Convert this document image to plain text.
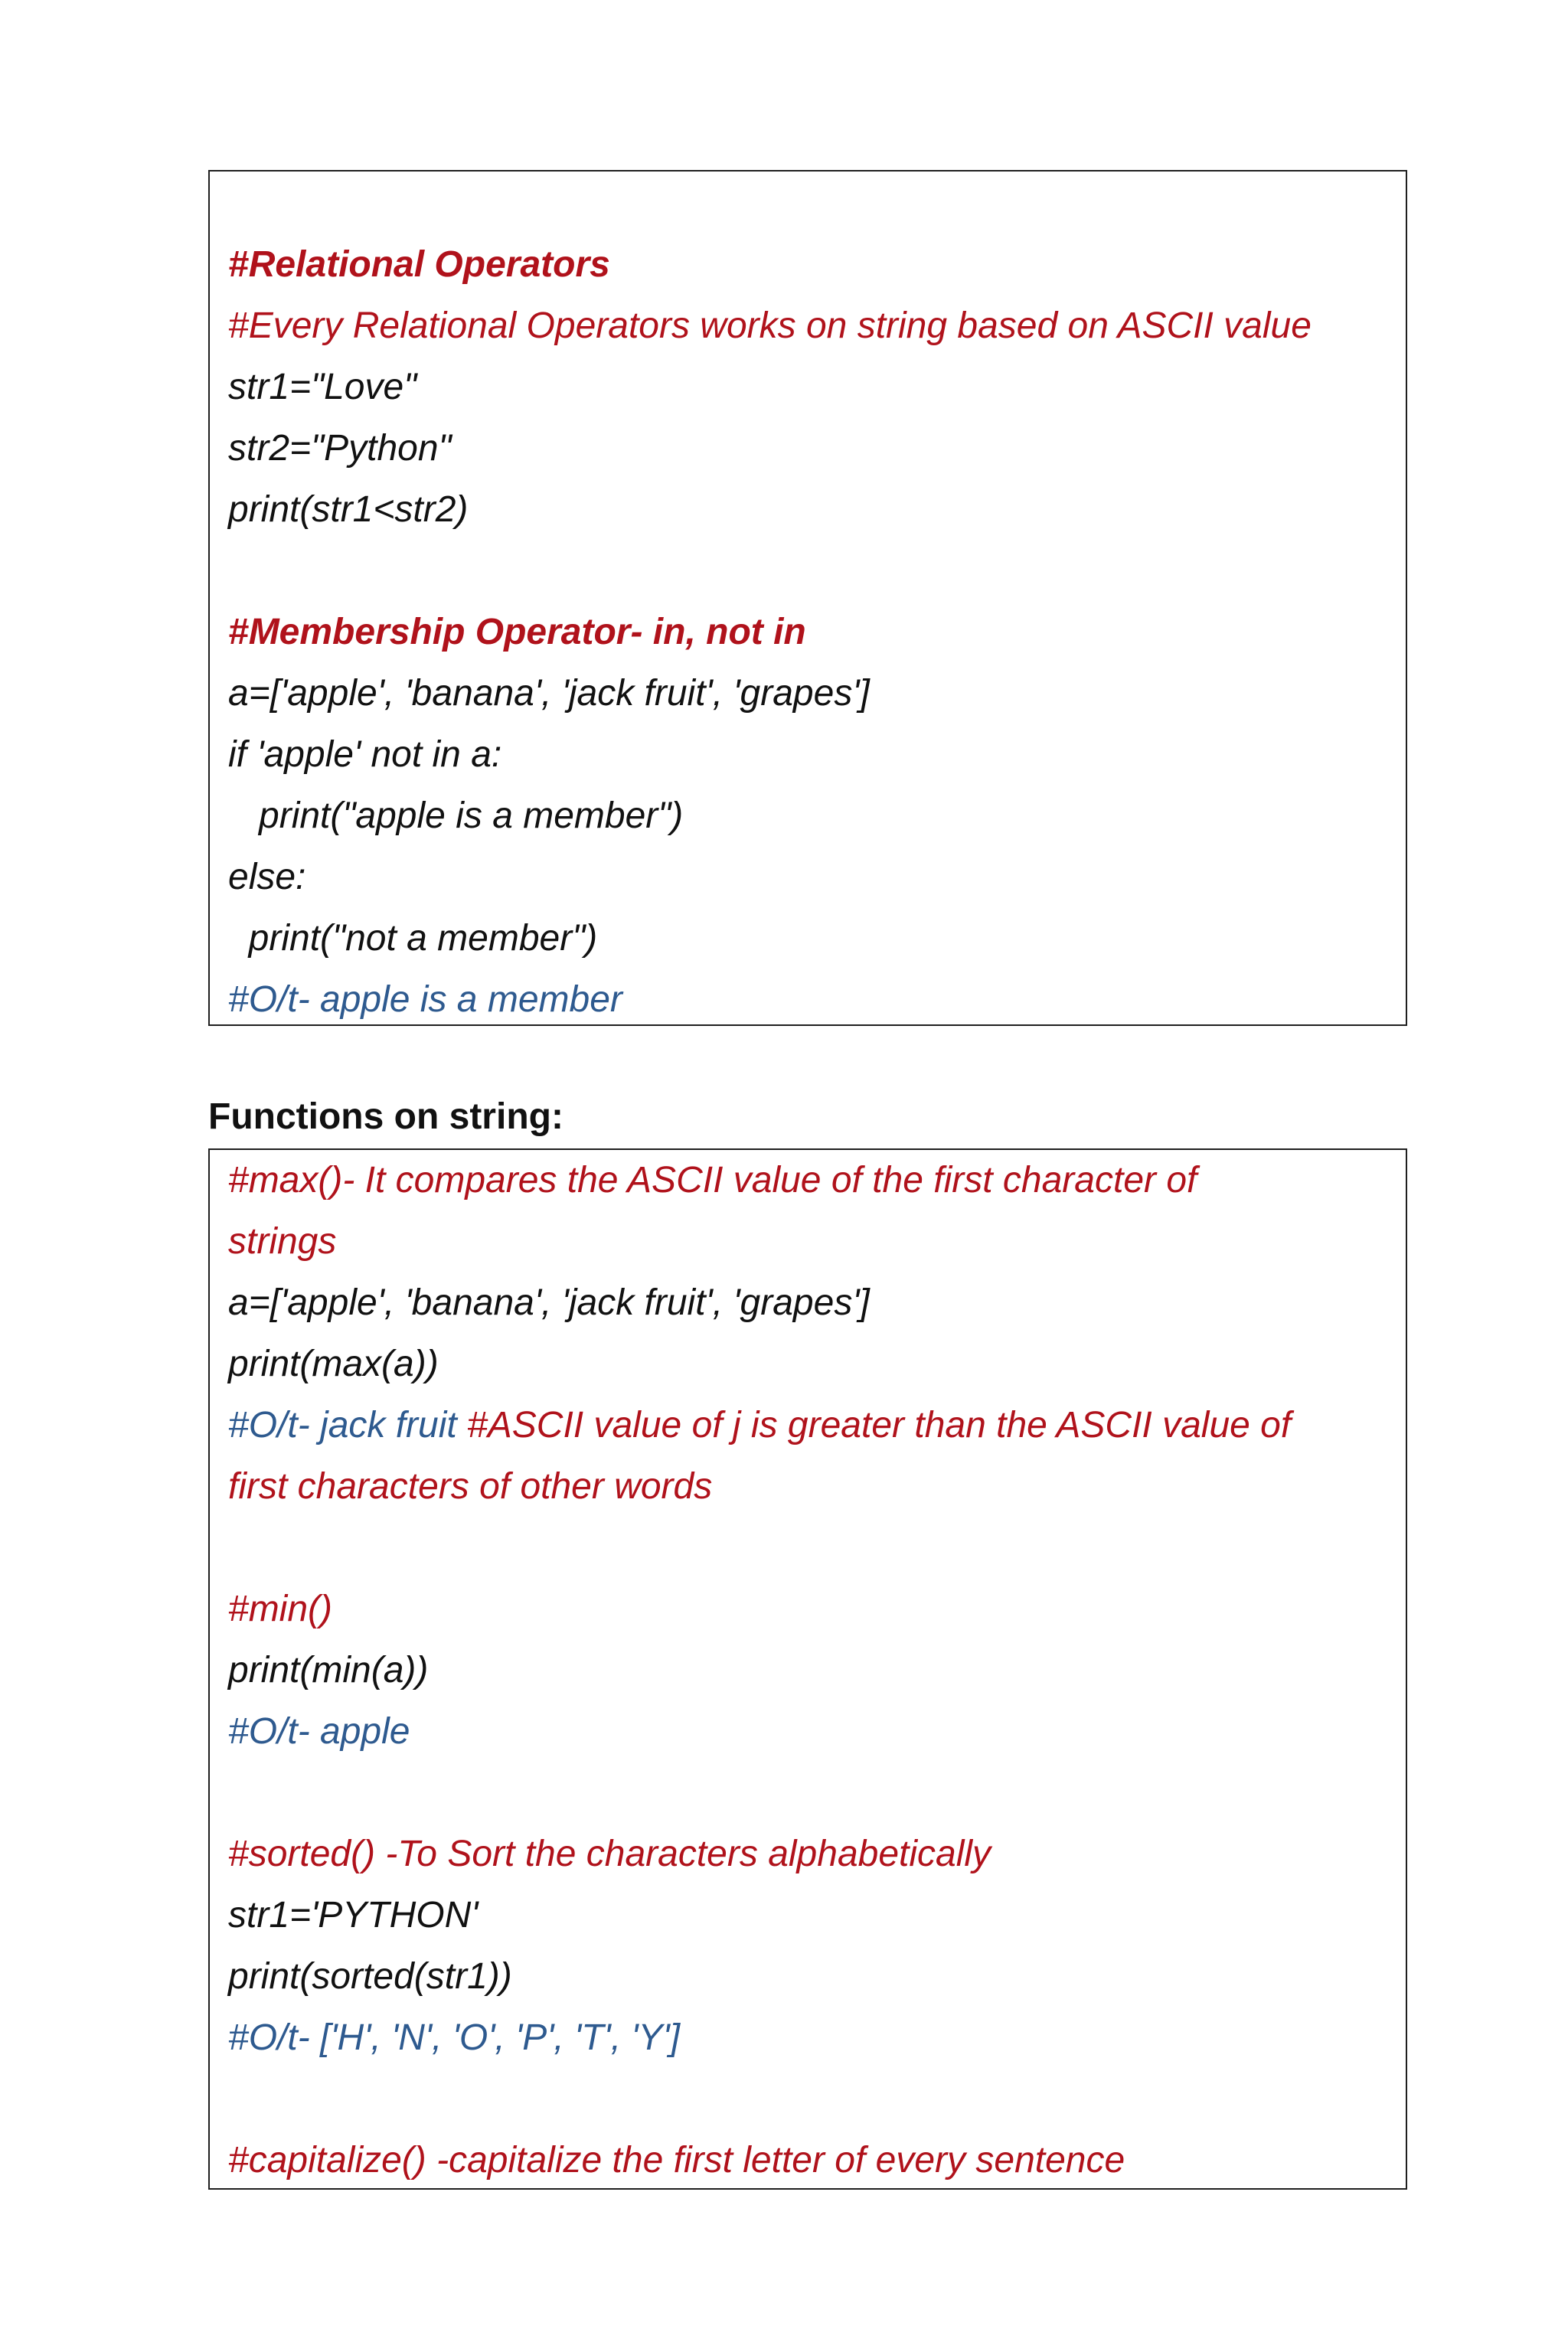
#Relational Operators
#Every Relational Operators works on string based on ASCII value
str1="Love"
str2="Python"
print(str1<str2)
#Membership Operator- in, not in
a=['apple', 'banana', 'jack fruit', 'grapes']
if 'apple' not in a:
print("apple is a member")
else:
print("not a member")
#O/t- apple is a member
Functions on string:
#max()- It compares the ASCII value of the first character of
strings
a=['apple', 'banana', 'jack fruit', 'grapes']
print(max(a))
#O/t- jack fruit #ASCII value of j is greater than the ASCII value of
first characters of other words
#min()
print(min(a))
#O/t- apple
#sorted() -To Sort the characters alphabetically
str1='PYTHON'
print(sorted(str1))
#O/t- ['H', 'N', 'O', 'P', 'T', 'Y']
#capitalize() -capitalize the first letter of every sentence
